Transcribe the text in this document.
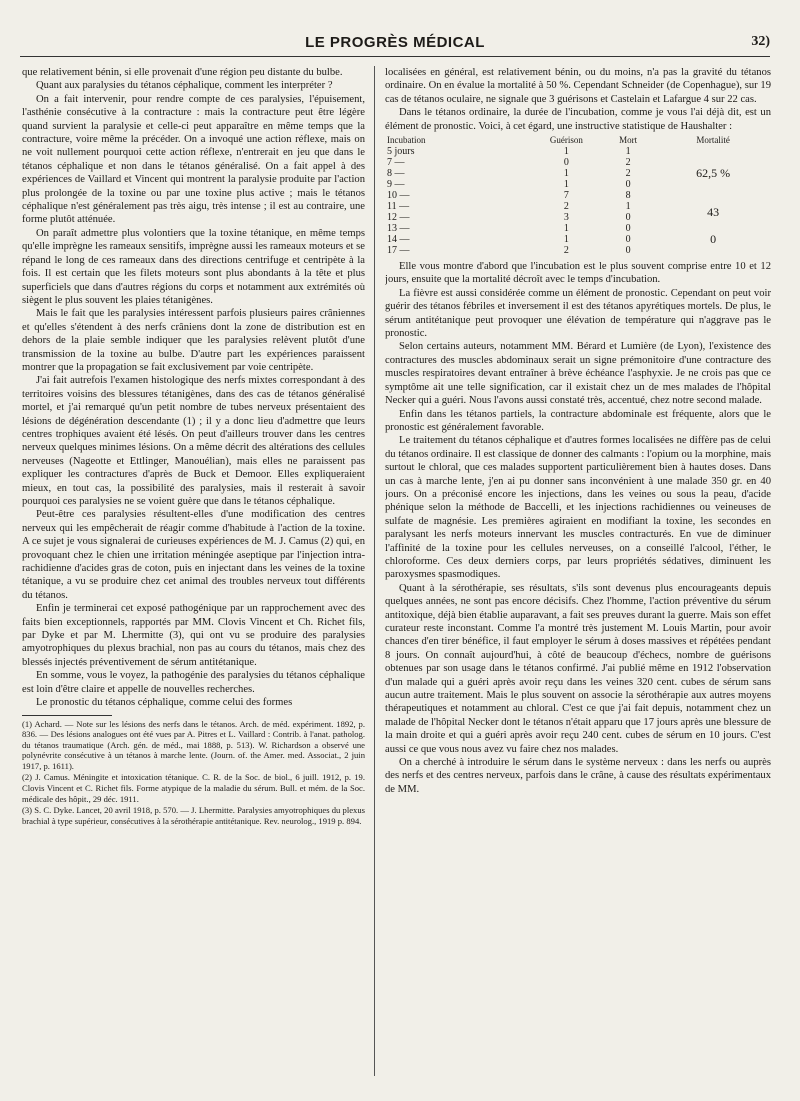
LE PROGRÈS MÉDICAL	32)

que relativement bénin, si elle provenait d'une région peu distante du bulbe.

Quant aux paralysies du tétanos céphalique, comment les interpréter ?

On a fait intervenir, pour rendre compte de ces paralysies, l'épuisement, l'asthénie consécutive à la contracture : mais la contracture peut être légère quand survient la paralysie et celle-ci peut apparaître en même temps que la contracture, voire même la précéder. On a invoqué une action réflexe, mais on ne voit nullement pourquoi cette action réflexe, n'entrerait en jeu que dans le tétanos céphalique et non dans le tétanos généralisé. On a fait appel à des expériences de Vaillard et Vincent qui montrent la paralysie produite par l'action plus prolongée de la toxine ou par une toxine plus active ; mais le tétanos céphalique n'est généralement pas très aigu, très intense ; il est au contraire, une forme plutôt atténuée.

On paraît admettre plus volontiers que la toxine tétanique, en même temps qu'elle imprègne les rameaux sensitifs, imprègne aussi les rameaux moteurs et se répand le long de ces rameaux dans des directions centrifuge et centripète à la fois. Il est certain que les filets moteurs sont plus abondants à la tête et plus superficiels que dans d'autres régions du corps et notamment aux extrémités où siègent le plus souvent les plaies tétanigènes.

Mais le fait que les paralysies intéressent parfois plusieurs paires crâniennes et qu'elles s'étendent à des nerfs crâniens dont la zone de distribution est en dehors de la plaie semble indiquer que les paralysies relèvent plutôt d'une transmission de la toxine au bulbe. D'autre part les expériences paraissent montrer que la propagation se fait exclusivement par voie centripète.

J'ai fait autrefois l'examen histologique des nerfs mixtes correspondant à des territoires voisins des blessures tétanigènes, dans des cas de tétanos généralisé mortel, et j'ai remarqué qu'un petit nombre de tubes nerveux présentaient des lésions de dégénération descendante (1) ; il y a donc lieu d'admettre que leurs centres trophiques avaient été lésés. On peut d'ailleurs trouver dans les centres nerveux quelques minimes lésions. On a même décrit des altérations des cellules nerveuses (Nageotte et Ettlinger, Manouélian), mais elles ne paraissent pas expliquer les contractures d'après de Buck et Demoor. Elles expliqueraient mieux, en tout cas, la possibilité des paralysies, mais il resterait à savoir pourquoi ces paralysies ne se voient guère que dans le tétanos céphalique.

Peut-être ces paralysies résultent-elles d'une modification des centres nerveux qui les empêcherait de réagir comme d'habitude à l'action de la toxine. A ce sujet je vous signalerai de curieuses expériences de M. J. Camus (2) qui, en provoquant chez le chien une irritation méningée aseptique par l'injection intra-rachidienne d'acides gras de coton, puis en injectant dans les veines de la toxine tétanique, a vu se produire chez cet animal des troubles nerveux tout différents du tétanos.

Enfin je terminerai cet exposé pathogénique par un rapprochement avec des faits bien exceptionnels, rapportés par MM. Clovis Vincent et Ch. Richet fils, par Dyke et par M. Lhermitte (3), qui ont vu se produire des paralysies amyotrophiques du plexus brachial, non pas au cours du tétanos, mais chez des blessés injectés préventivement de sérum antitétanique.

En somme, vous le voyez, la pathogénie des paralysies du tétanos céphalique est loin d'être claire et appelle de nouvelles recherches.

Le pronostic du tétanos céphalique, comme celui des formes

(1) Achard. — Note sur les lésions des nerfs dans le tétanos. Arch. de méd. expériment. 1892, p. 836. — Des lésions analogues ont été vues par A. Pitres et L. Vaillard : Contrib. à l'anat. patholog. du tétanos traumatique (Arch. gén. de méd., mai 1888, p. 513). W. Richardson a observé une polynévrite consécutive à un tétanos à marche lente. (Journ. of. the Amer. med. Associat., 2 juin 1917, p. 1611).

(2) J. Camus. Méningite et intoxication tétanique. C. R. de la Soc. de biol., 6 juill. 1912, p. 19. Clovis Vincent et C. Richet fils. Forme atypique de la maladie du sérum. Bull. et mém. de la Soc. médicale des hôpit., 29 déc. 1911.

(3) S. C. Dyke. Lancet, 20 avril 1918, p. 570. — J. Lhermitte. Paralysies amyotrophiques du plexus brachial à type supérieur, consécutives à la sérothérapie antitétanique. Rev. neurolog., 1919 p. 894.

localisées en général, est relativement bénin, ou du moins, n'a pas la gravité du tétanos ordinaire. On en évalue la mortalité à 50 %. Cependant Schneider (de Copenhague), sur 19 cas de tétanos oculaire, ne signale que 3 guérisons et Castelain et Lafargue 4 sur 22 cas.

Dans le tétanos ordinaire, la durée de l'incubation, comme je vous l'ai déjà dit, est un élément de pronostic. Voici, à cet égard, une instructive statistique de Haushalter :

Incubation	Guérison	Mort	Mortalité
5 jours	1	1	62,5 %
7 —	0	2	
8 —	1	2	
9 —	1	0	
10 —	7	8	
11 —	2	1	43
12 —	3	0	
13 —	1	0	0
14 —	1	0	
17 —	2	0	

Elle vous montre d'abord que l'incubation est le plus souvent comprise entre 10 et 12 jours, ensuite que la mortalité décroît avec le temps d'incubation.

La fièvre est aussi considérée comme un élément de pronostic. Cependant on peut voir guérir des tétanos fébriles et inversement il est des tétanos apyrétiques mortels. De plus, le sérum antitétanique peut provoquer une élévation de température qui n'aggrave pas le pronostic.

Selon certains auteurs, notamment MM. Bérard et Lumière (de Lyon), l'existence des contractures des muscles abdominaux serait un signe prémonitoire d'une contracture des muscles respiratoires devant entraîner à brève échéance l'asphyxie. Je ne crois pas que ce symptôme ait une telle signification, car il existait chez un de mes malades de l'hôpital Necker qui a guéri. Nous l'avons aussi constaté très, accentué, chez notre second malade.

Enfin dans les tétanos partiels, la contracture abdominale est fréquente, alors que le pronostic est généralement favorable.

Le traitement du tétanos céphalique et d'autres formes localisées ne diffère pas de celui du tétanos ordinaire. Il est classique de donner des calmants : l'opium ou la morphine, mais surtout le chloral, que ces malades supportent particulièrement bien à hautes doses. Dans un cas à marche lente, j'en ai pu donner sans inconvénient à une malade 350 gr. en 40 jours. On a préconisé encore les injections, dans les veines ou sous la peau, d'acide phénique selon la méthode de Baccelli, et les injections rachidiennes ou veineuses de sulfate de magnésie. Les premières agiraient en modifiant la toxine, les secondes en paralysant les nerfs moteurs innervant les muscles contracturés. En vue de diminuer l'affinité de la toxine pour les cellules nerveuses, on a conseillé l'alcool, l'éther, le chloroforme. Ces deux derniers corps, par leurs propriétés sédatives, diminuent les paroxysmes spasmodiques.

Quant à la sérothérapie, ses résultats, s'ils sont devenus plus encourageants depuis quelques années, ne sont pas encore décisifs. Chez l'homme, l'action préventive du sérum antitoxique, déjà bien établie auparavant, a fait ses preuves durant la guerre. Mais son effet curateur reste inconstant. Comme l'a montré très justement M. Louis Martin, pour avoir chances d'en tirer bénéfice, il faut employer le sérum à doses massives et répétées pendant 8 jours. On connaît aujourd'hui, à côté de beaucoup d'échecs, nombre de guérisons obtenues par son usage dans le tétanos confirmé. J'ai publié même en 1912 l'observation d'un malade qui a guéri après avoir reçu dans les veines 320 cent. cubes de sérum sans aucun autre traitement. Mais le plus souvent on associe la sérothérapie aux autres moyens thérapeutiques et notamment au chloral. C'est ce que j'ai fait depuis, notamment chez un malade de l'hôpital Necker dont le tétanos n'était apparu que 17 jours après une blessure de la main droite et qui a guéri après avoir reçu 240 cent. cubes de sérum en 10 jours. C'est aussi ce que vous nous avez vu faire chez nos malades.

On a cherché à introduire le sérum dans le système nerveux : dans les nerfs ou auprès des nerfs et des centres nerveux, parfois dans le crâne, à cause des résultats expérimentaux de MM.
